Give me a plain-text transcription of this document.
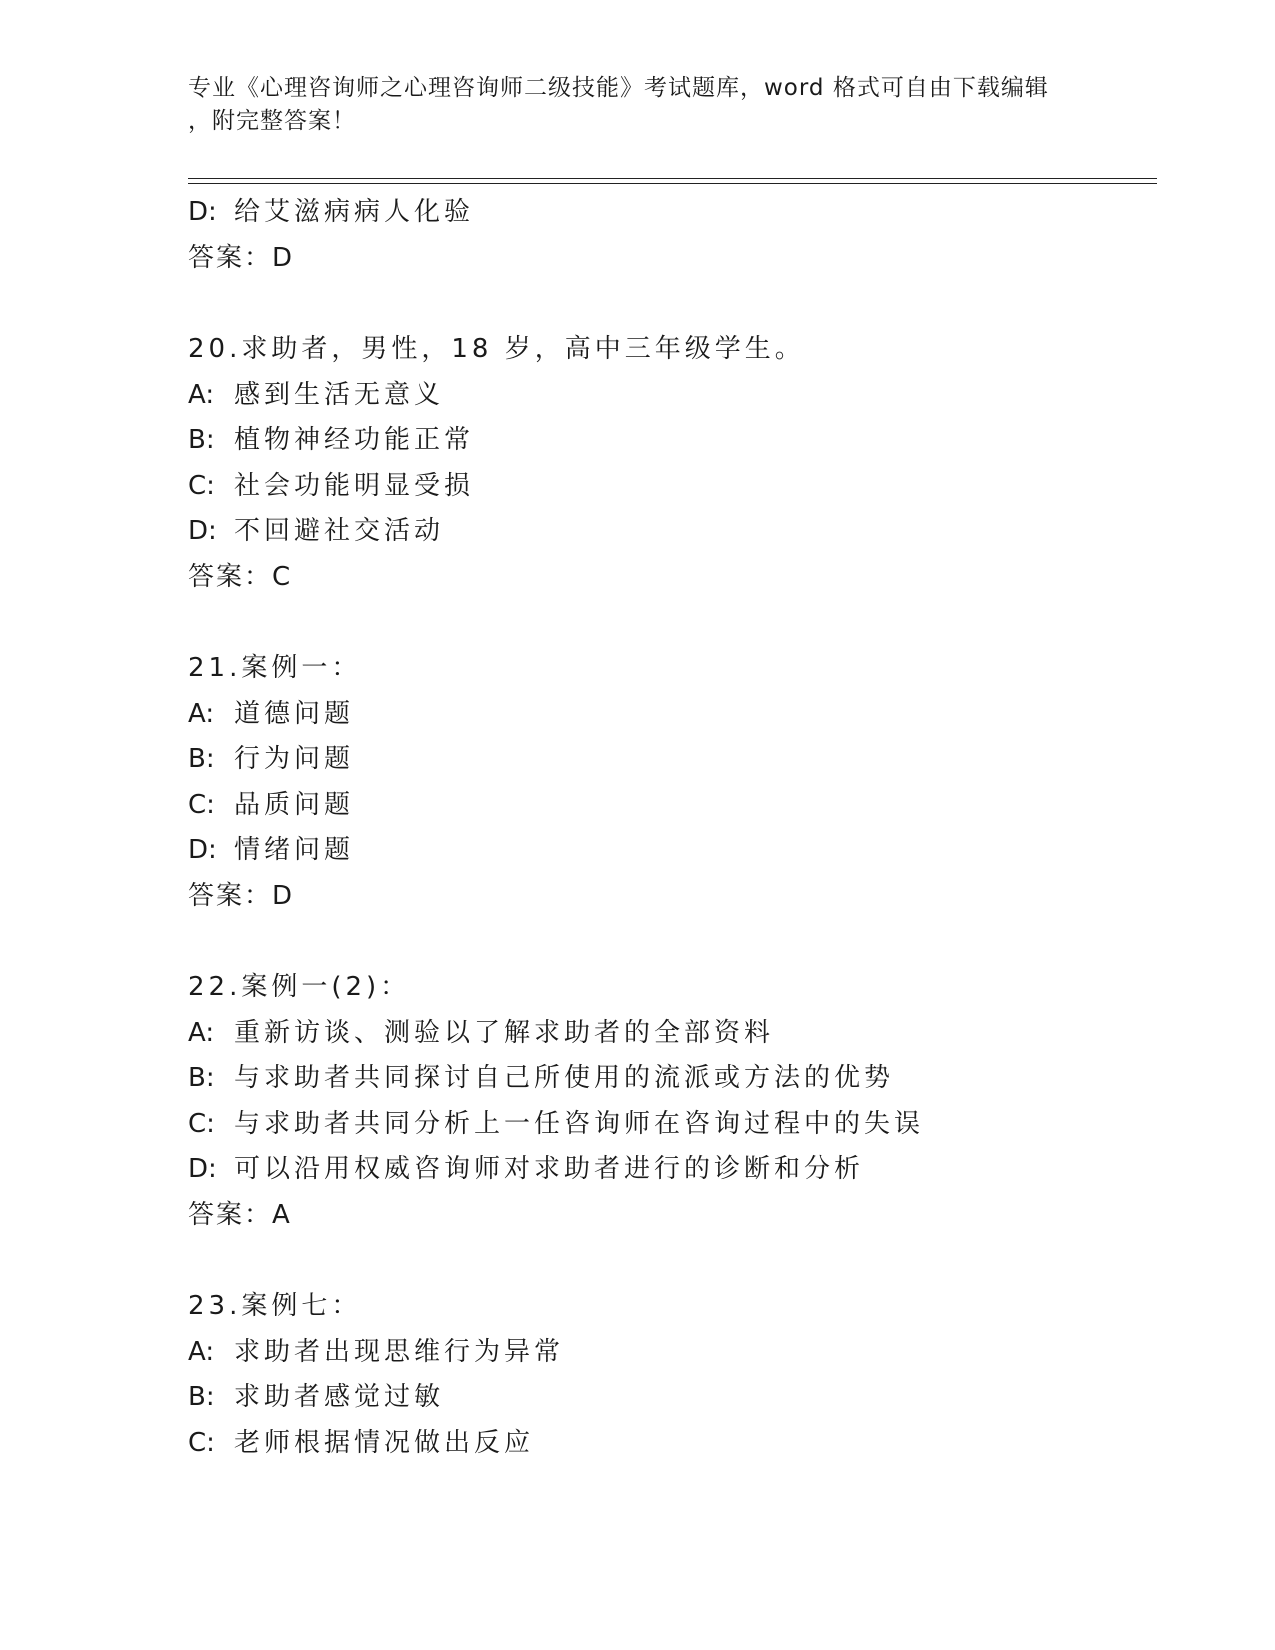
专业《心理咨询师之心理咨询师二级技能》考试题库，word 格式可自由下载编辑
，附完整答案！
D: 给艾滋病病人化验
答案：D
20.求助者，男性，18 岁，高中三年级学生。
A: 感到生活无意义
B: 植物神经功能正常
C: 社会功能明显受损
D: 不回避社交活动
答案：C
21.案例一：
A: 道德问题
B: 行为问题
C: 品质问题
D: 情绪问题
答案：D
22.案例一(2)：
A: 重新访谈、测验以了解求助者的全部资料
B: 与求助者共同探讨自己所使用的流派或方法的优势
C: 与求助者共同分析上一任咨询师在咨询过程中的失误
D: 可以沿用权威咨询师对求助者进行的诊断和分析
答案：A
23.案例七：
A: 求助者出现思维行为异常
B: 求助者感觉过敏
C: 老师根据情况做出反应
